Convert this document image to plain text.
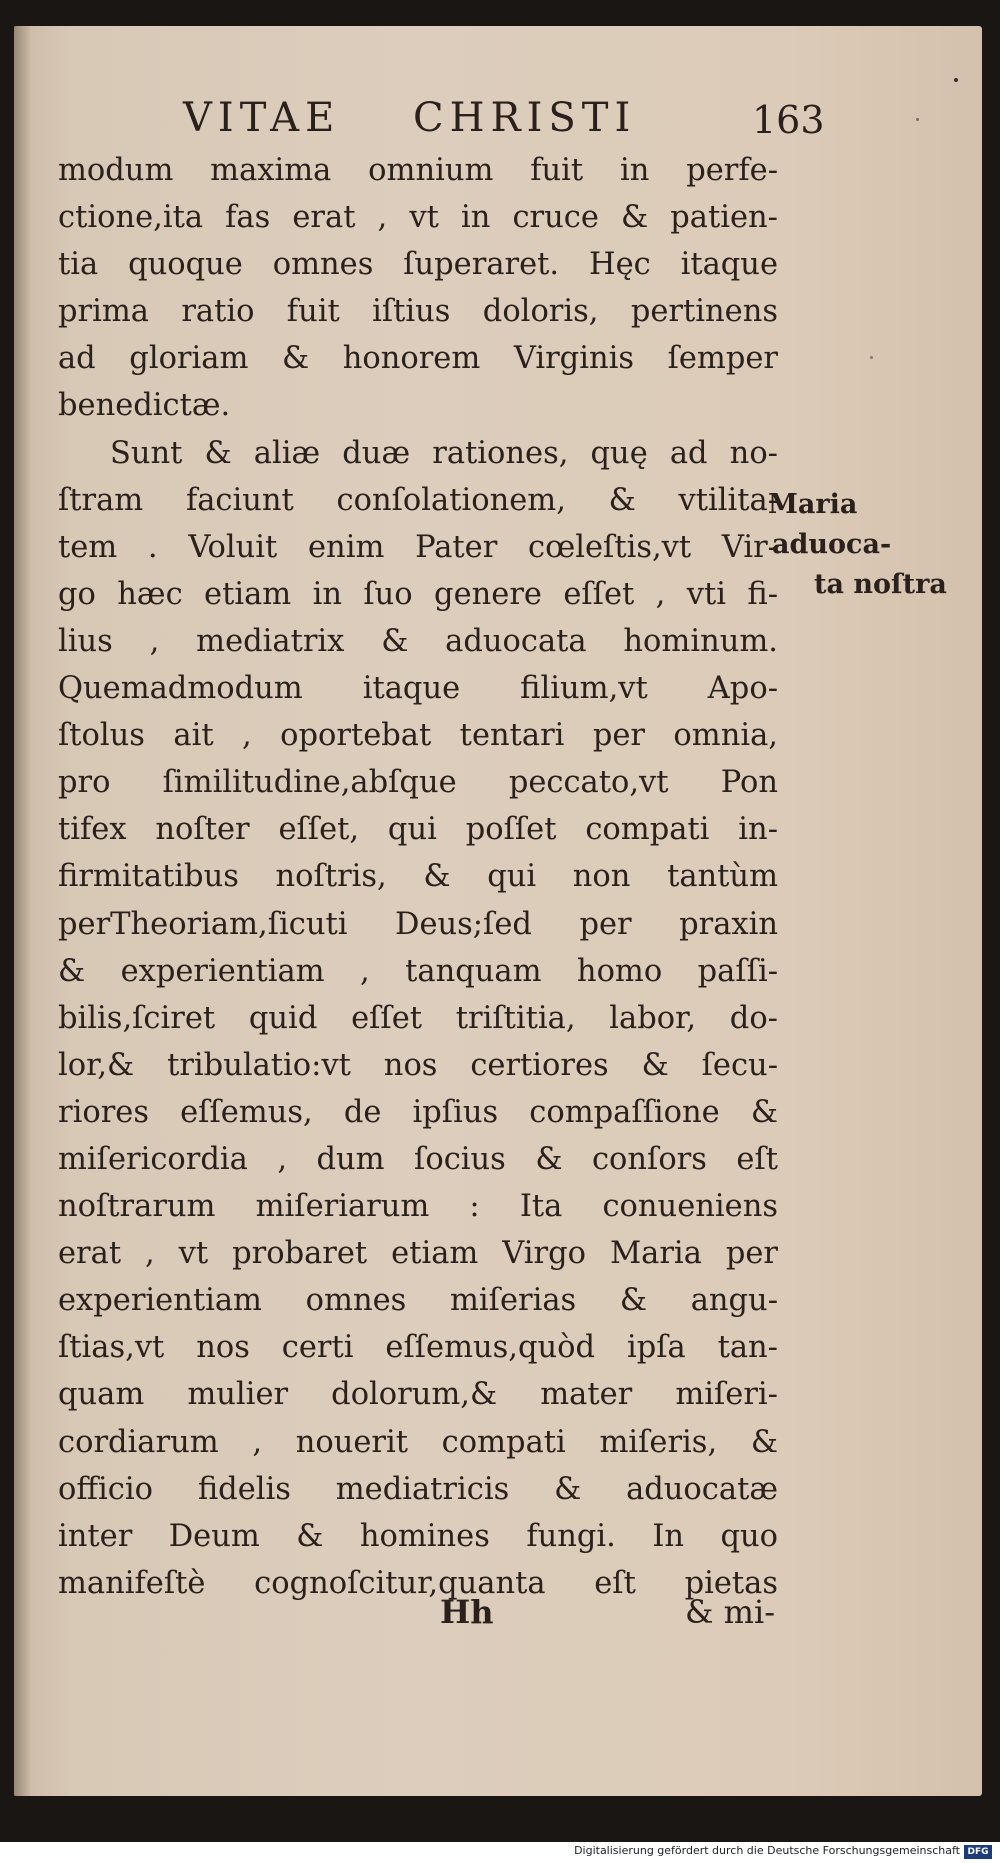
VITAE CHRISTI	163
modum maxima omnium fuit in perfe-
ctione,ita fas erat , vt in cruce & patien-
tia quoque omnes ſuperaret. Hęc itaque
prima ratio fuit iſtius doloris, pertinens
ad gloriam & honorem Virginis ſemper
benedictæ.
Sunt & aliæ duæ rationes, quę ad no-
ſtram faciunt conſolationem, & vtilita-
tem . Voluit enim Pater cœleſtis,vt Vir-
go hæc etiam in ſuo genere eſſet , vti fi-
lius , mediatrix & aduocata hominum.
Quemadmodum itaque filium,vt Apo-
ſtolus ait , oportebat tentari per omnia,
pro ſimilitudine,abſque peccato,vt Pon
tifex noſter eſſet, qui poſſet compati in-
firmitatibus noſtris, & qui non tantùm
perTheoriam,ſicuti Deus;ſed per praxin
& experientiam , tanquam homo paſſi-
bilis,ſciret quid eſſet triſtitia, labor, do-
lor,& tribulatio:vt nos certiores & ſecu-
riores eſſemus, de ipſius compaſſione &
miſericordia , dum ſocius & conſors eſt
noſtrarum miſeriarum : Ita conueniens
erat , vt probaret etiam Virgo Maria per
experientiam omnes miſerias & angu-
ſtias,vt nos certi eſſemus,quòd ipſa tan-
quam mulier dolorum,& mater miſeri-
cordiarum , nouerit compati miſeris, &
officio fidelis mediatricis & aduocatæ
inter Deum & homines fungi. In quo
manifeſtè cognoſcitur,quanta eſt pietas
Maria
aduoca-
ta noſtra
Hh	& mi-
Digitalisierung gefördert durch die Deutsche Forschungsgemeinschaft DFG
